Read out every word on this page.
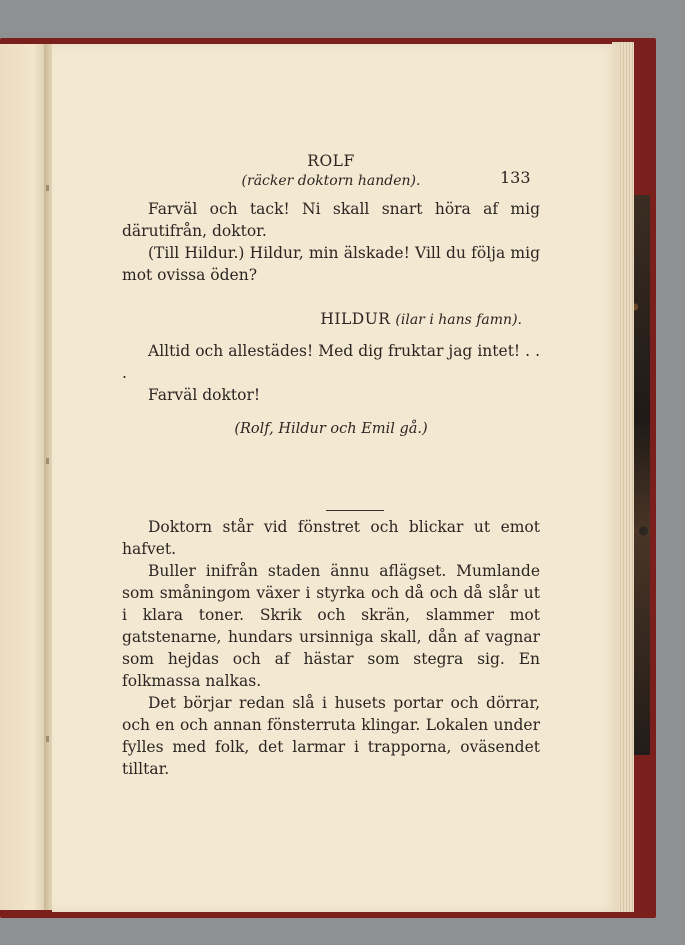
133
ROLF
(räcker doktorn handen).

Farväl och tack! Ni skall snart höra af mig därutifrån, doktor.

(Till Hildur.) Hildur, min älskade! Vill du följa mig mot ovissa öden?

HILDUR (ilar i hans famn).

Alltid och allestädes! Med dig fruktar jag intet! . . .

Farväl doktor!

(Rolf, Hildur och Emil gå.)

Doktorn står vid fönstret och blickar ut emot hafvet.

Buller inifrån staden ännu aflägset. Mumlande som småningom växer i styrka och då och då slår ut i klara toner. Skrik och skrän, slammer mot gatstenarne, hundars ursinniga skall, dån af vagnar som hejdas och af hästar som stegra sig. En folkmassa nalkas.

Det börjar redan slå i husets portar och dörrar, och en och annan fönsterruta klingar. Lokalen under fylles med folk, det larmar i trapporna, oväsendet tilltar.
